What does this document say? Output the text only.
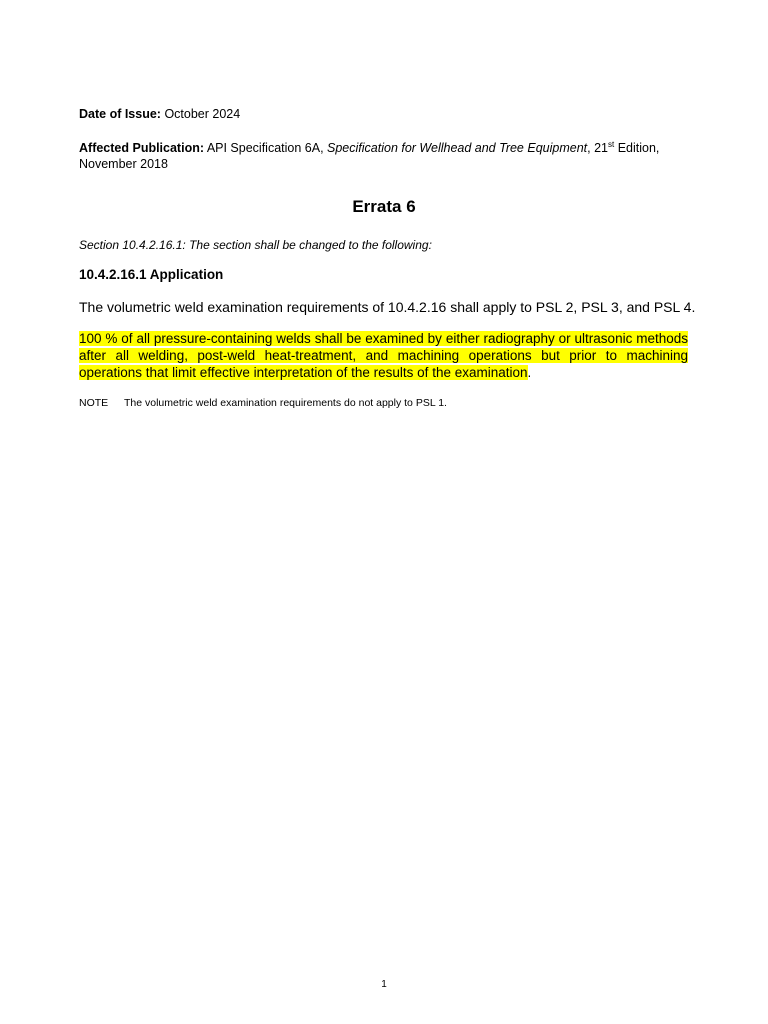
Date of Issue: October 2024

Affected Publication: API Specification 6A, Specification for Wellhead and Tree Equipment, 21st Edition, November 2018

Errata 6

Section 10.4.2.16.1: The section shall be changed to the following:

10.4.2.16.1 Application

The volumetric weld examination requirements of 10.4.2.16 shall apply to PSL 2, PSL 3, and PSL 4.

100 % of all pressure-containing welds shall be examined by either radiography or ultrasonic methods after all welding, post-weld heat-treatment, and machining operations but prior to machining operations that limit effective interpretation of the results of the examination.

NOTE The volumetric weld examination requirements do not apply to PSL 1.

1
